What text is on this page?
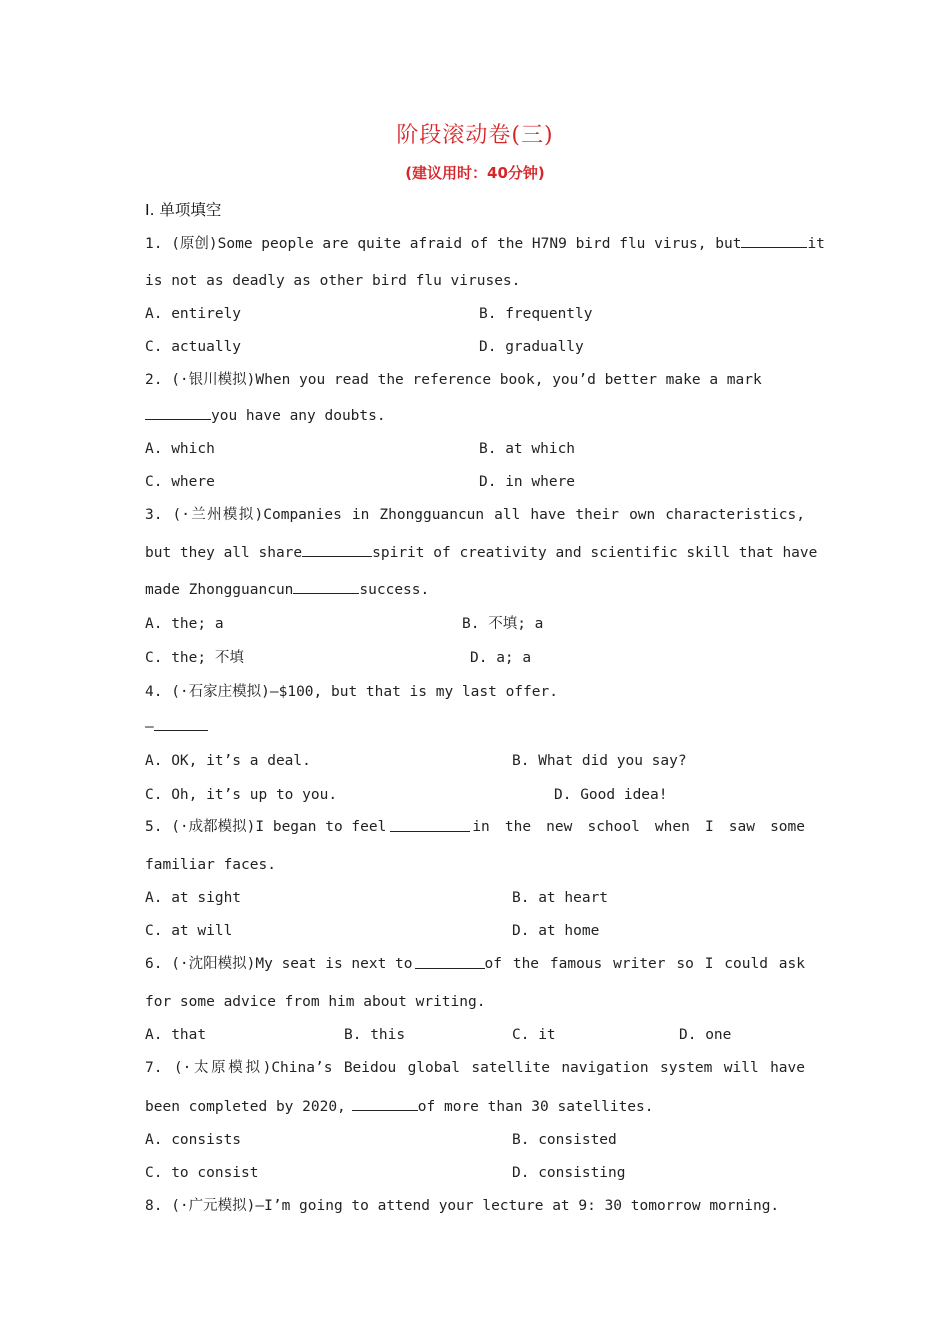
阶段滚动卷(三)
(建议用时：40分钟)
Ⅰ. 单项填空
1. (原创)Some people are quite afraid of the H7N9 bird flu virus, but	it
is not as deadly as other bird flu viruses.
A. entirely	B. frequently
C. actually	D. gradually
2. (·银川模拟)When you read the reference book, you’d better make a mark
you have any doubts.
A. which	B. at which
C. where	D. in where
3. (·兰州模拟)Companies in Zhongguancun all have their own characteristics,
but they all share	spirit of creativity and scientific skill that have
made Zhongguancun	success.
A. the; a	B. 不填; a
C. the; 不填	D. a; a
4. (·石家庄模拟)—$100, but that is my last offer.
—
A. OK, it’s a deal.	B. What did you say?
C. Oh, it’s up to you.	D. Good idea!
5. (·成都模拟)I began to feel	in the new school when I saw some
familiar faces.
A. at sight	B. at heart
C. at will	D. at home
6. (·沈阳模拟)My seat is next to	of the famous writer so I could ask
for some advice from him about writing.
A. that	B. this	C. it	D. one
7. (·太原模拟)China’s Beidou global satellite navigation system will have
been completed by 2020,	of more than 30 satellites.
A. consists	B. consisted
C. to consist	D. consisting
8. (·广元模拟)—I’m going to attend your lecture at 9: 30 tomorrow morning.
